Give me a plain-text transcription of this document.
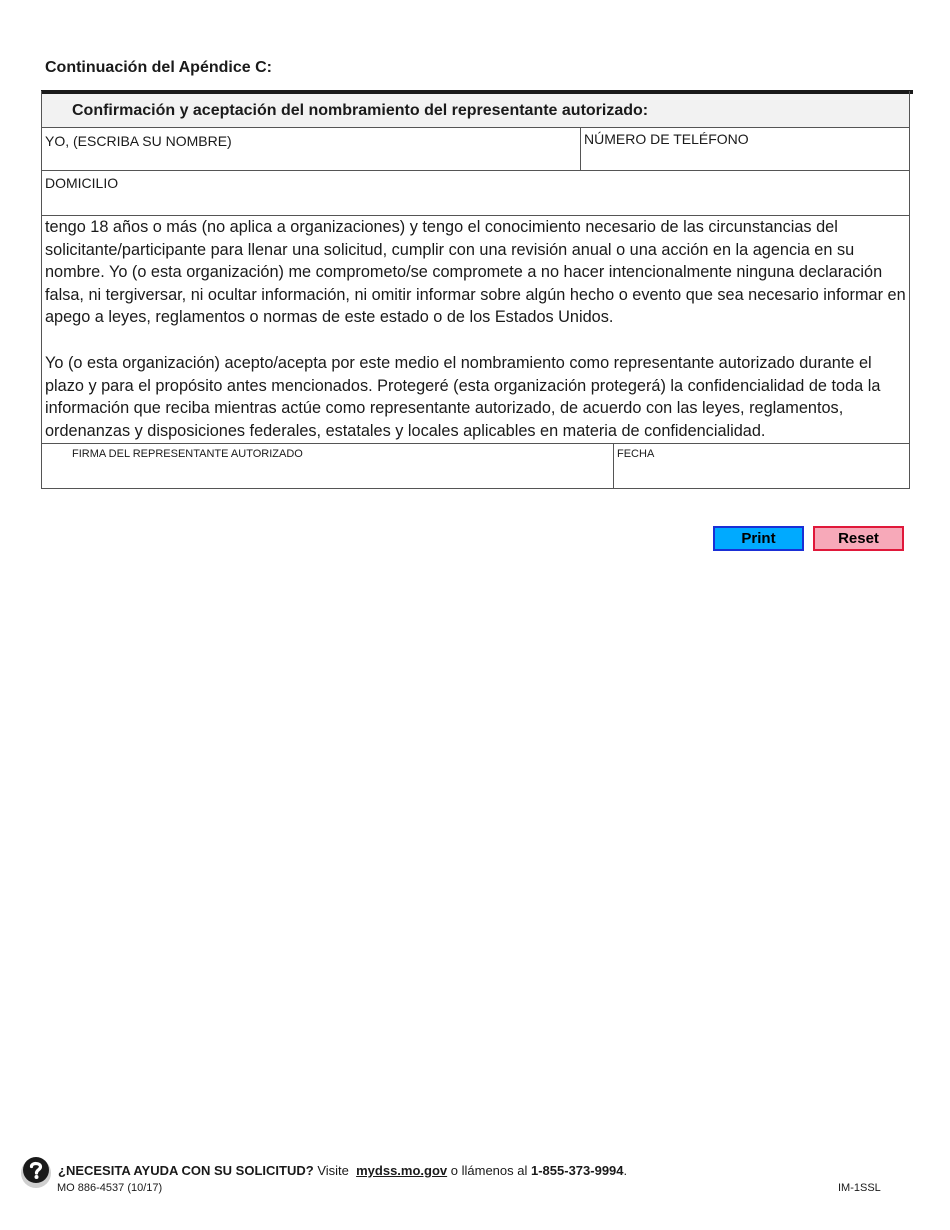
Continuación del Apéndice C:
Confirmación y aceptación del nombramiento del representante autorizado:
YO, (ESCRIBA SU NOMBRE)	NÚMERO DE TELÉFONO
DOMICILIO

tengo 18 años o más (no aplica a organizaciones) y tengo el conocimiento necesario de las circunstancias del solicitante/participante para llenar una solicitud, cumplir con una revisión anual o una acción en la agencia en su nombre. Yo (o esta organización) me comprometo/se compromete a no hacer intencionalmente ninguna declaración falsa, ni tergiversar, ni ocultar información, ni omitir informar sobre algún hecho o evento que sea necesario informar en apego a leyes, reglamentos o normas de este estado o de los Estados Unidos.

Yo (o esta organización) acepto/acepta por este medio el nombramiento como representante autorizado durante el plazo y para el propósito antes mencionados. Protegeré (esta organización protegerá) la confidencialidad de toda la información que reciba mientras actúe como representante autorizado, de acuerdo con las leyes, reglamentos, ordenanzas y disposiciones federales, estatales y locales aplicables en materia de confidencialidad.

FIRMA DEL REPRESENTANTE AUTORIZADO	FECHA
Print	Reset
¿NECESITA AYUDA CON SU SOLICITUD? Visite mydss.mo.gov o llámenos al 1-855-373-9994.
MO 886-4537 (10/17)	IM-1SSL
